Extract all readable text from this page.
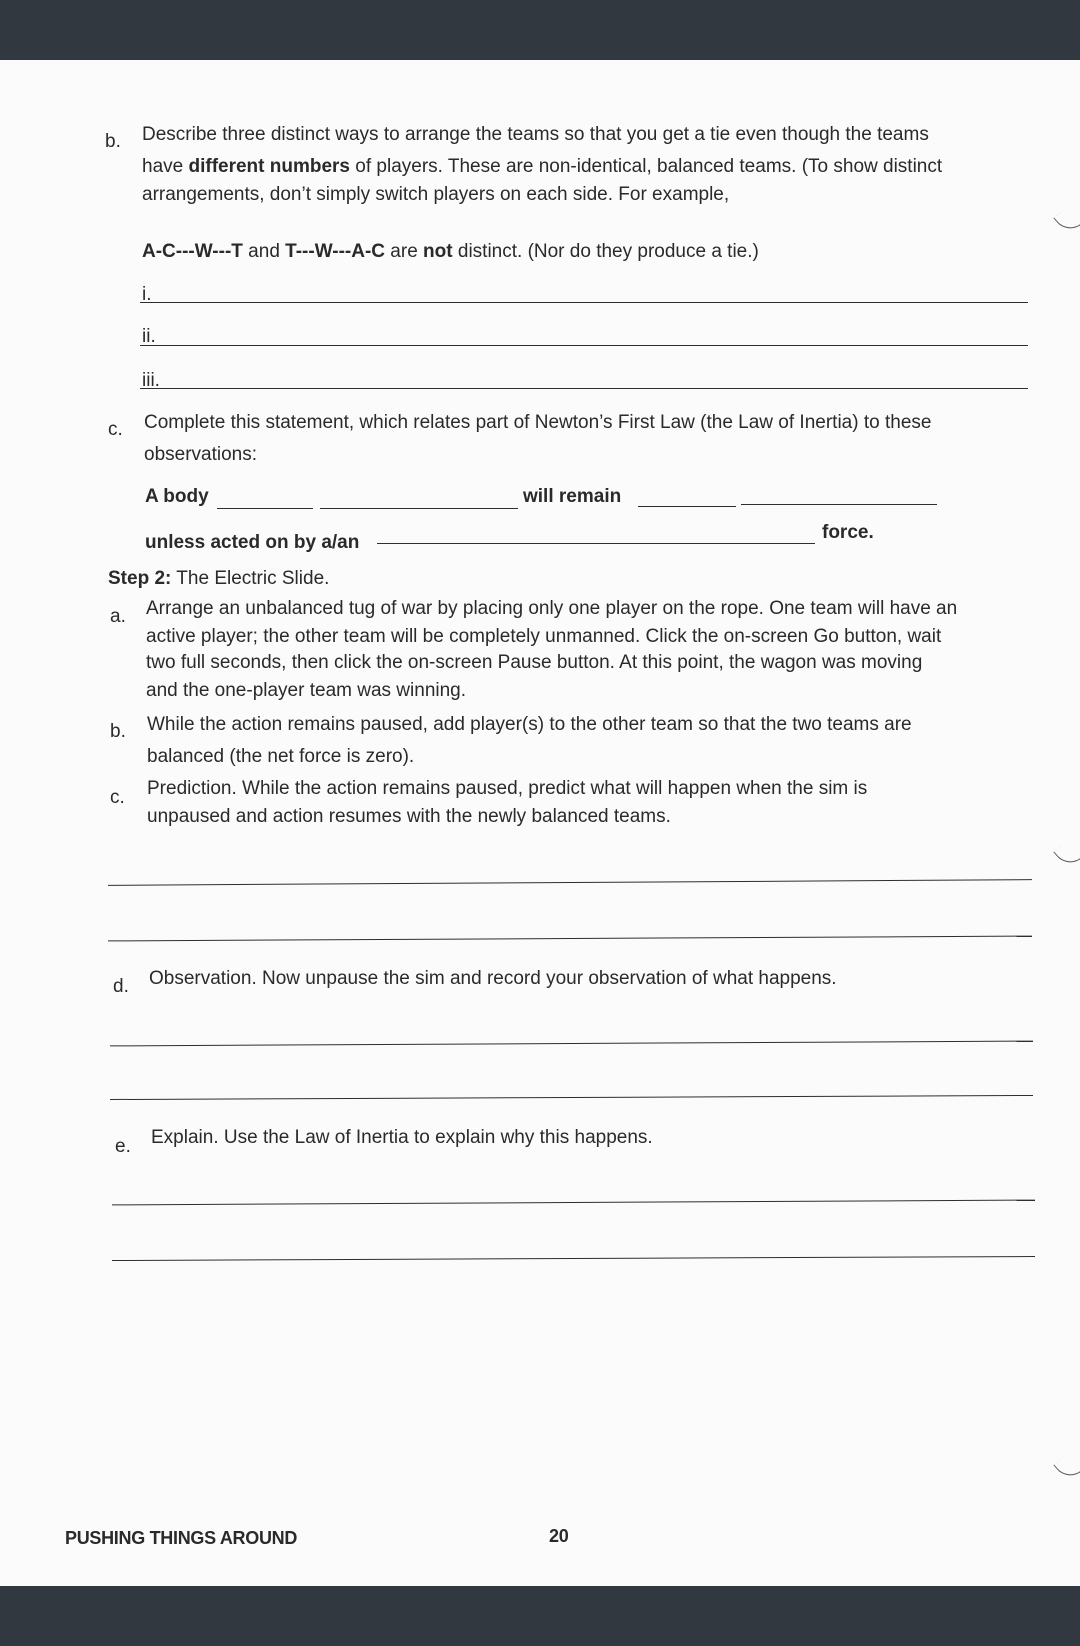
b. Describe three distinct ways to arrange the teams so that you get a tie even though the teams
have different numbers of players. These are non-identical, balanced teams. (To show distinct
arrangements, don’t simply switch players on each side. For example,
A-C---W---T and T---W---A-C are not distinct. (Nor do they produce a tie.)
i.
ii.
iii.
c. Complete this statement, which relates part of Newton’s First Law (the Law of Inertia) to these
observations:
A body	will remain
unless acted on by a/an	force.
Step 2: The Electric Slide.
a. Arrange an unbalanced tug of war by placing only one player on the rope. One team will have an
active player; the other team will be completely unmanned. Click the on-screen Go button, wait
two full seconds, then click the on-screen Pause button. At this point, the wagon was moving
and the one-player team was winning.
b. While the action remains paused, add player(s) to the other team so that the two teams are
balanced (the net force is zero).
c. Prediction. While the action remains paused, predict what will happen when the sim is
unpaused and action resumes with the newly balanced teams.
d. Observation. Now unpause the sim and record your observation of what happens.
e. Explain. Use the Law of Inertia to explain why this happens.
PUSHING THINGS AROUND	20
